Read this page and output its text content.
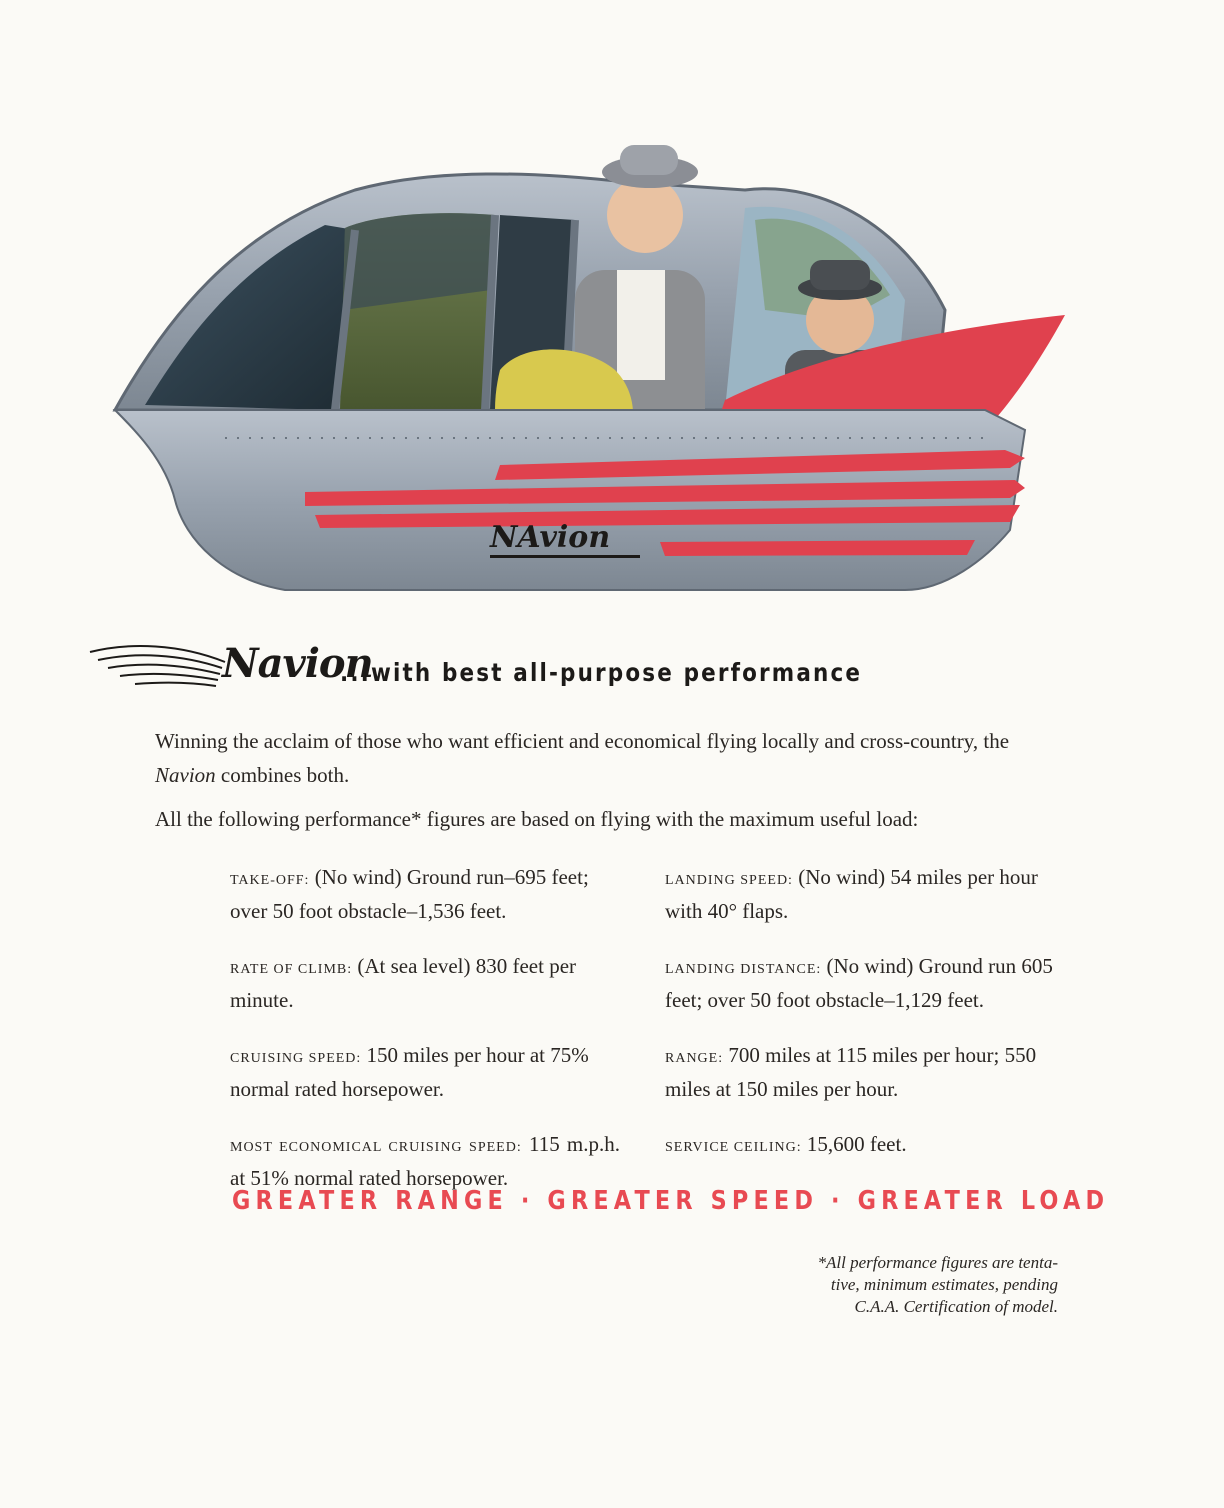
NAvion
Navion
...with best all-purpose performance
Winning the acclaim of those who want efficient and economical flying locally and cross-country, the Navion combines both.
All the following performance* figures are based on flying with the maximum useful load:

TAKE-OFF: (No wind) Ground run–695 feet; over 50 foot obstacle–1,536 feet.

RATE OF CLIMB: (At sea level) 830 feet per minute.

CRUISING SPEED: 150 miles per hour at 75% normal rated horsepower.

MOST ECONOMICAL CRUISING SPEED: 115 m.p.h. at 51% normal rated horsepower.

LANDING SPEED: (No wind) 54 miles per hour with 40° flaps.

LANDING DISTANCE: (No wind) Ground run 605 feet; over 50 foot obstacle–1,129 feet.

RANGE: 700 miles at 115 miles per hour; 550 miles at 150 miles per hour.

SERVICE CEILING: 15,600 feet.

GREATER RANGE · GREATER SPEED · GREATER LOAD
*All performance figures are tenta-
tive, minimum estimates, pending
C.A.A. Certification of model.
